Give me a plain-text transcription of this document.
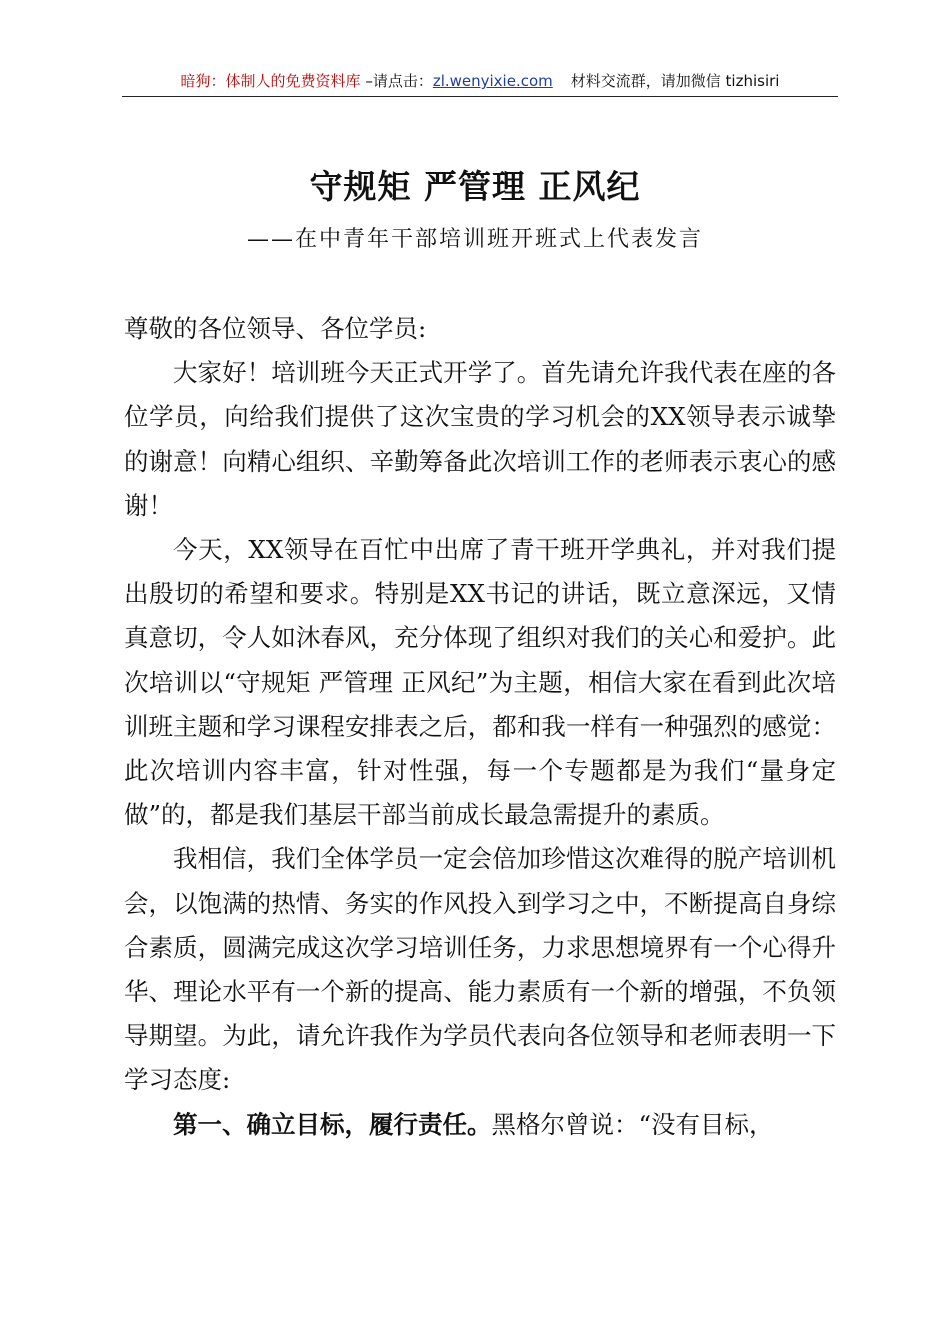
暗狗：体制人的免费资料库 –请点击：zl.wenyixie.com 材料交流群，请加微信 tizhisiri
守规矩 严管理 正风纪
——在中青年干部培训班开班式上代表发言

尊敬的各位领导、各位学员:

大家好！培训班今天正式开学了。首先请允许我代表在座的各位学员，向给我们提供了这次宝贵的学习机会的XX领导表示诚挚的谢意！向精心组织、辛勤筹备此次培训工作的老师表示衷心的感谢！

今天，XX领导在百忙中出席了青干班开学典礼，并对我们提出殷切的希望和要求。特别是XX书记的讲话，既立意深远，又情真意切，令人如沐春风，充分体现了组织对我们的关心和爱护。此次培训以“守规矩 严管理 正风纪”为主题，相信大家在看到此次培训班主题和学习课程安排表之后，都和我一样有一种强烈的感觉：此次培训内容丰富，针对性强，每一个专题都是为我们“量身定做”的，都是我们基层干部当前成长最急需提升的素质。

我相信，我们全体学员一定会倍加珍惜这次难得的脱产培训机会，以饱满的热情、务实的作风投入到学习之中，不断提高自身综合素质，圆满完成这次学习培训任务，力求思想境界有一个心得升华、理论水平有一个新的提高、能力素质有一个新的增强，不负领导期望。为此，请允许我作为学员代表向各位领导和老师表明一下学习态度:

第一、确立目标，履行责任。黑格尔曾说：“没有目标，
